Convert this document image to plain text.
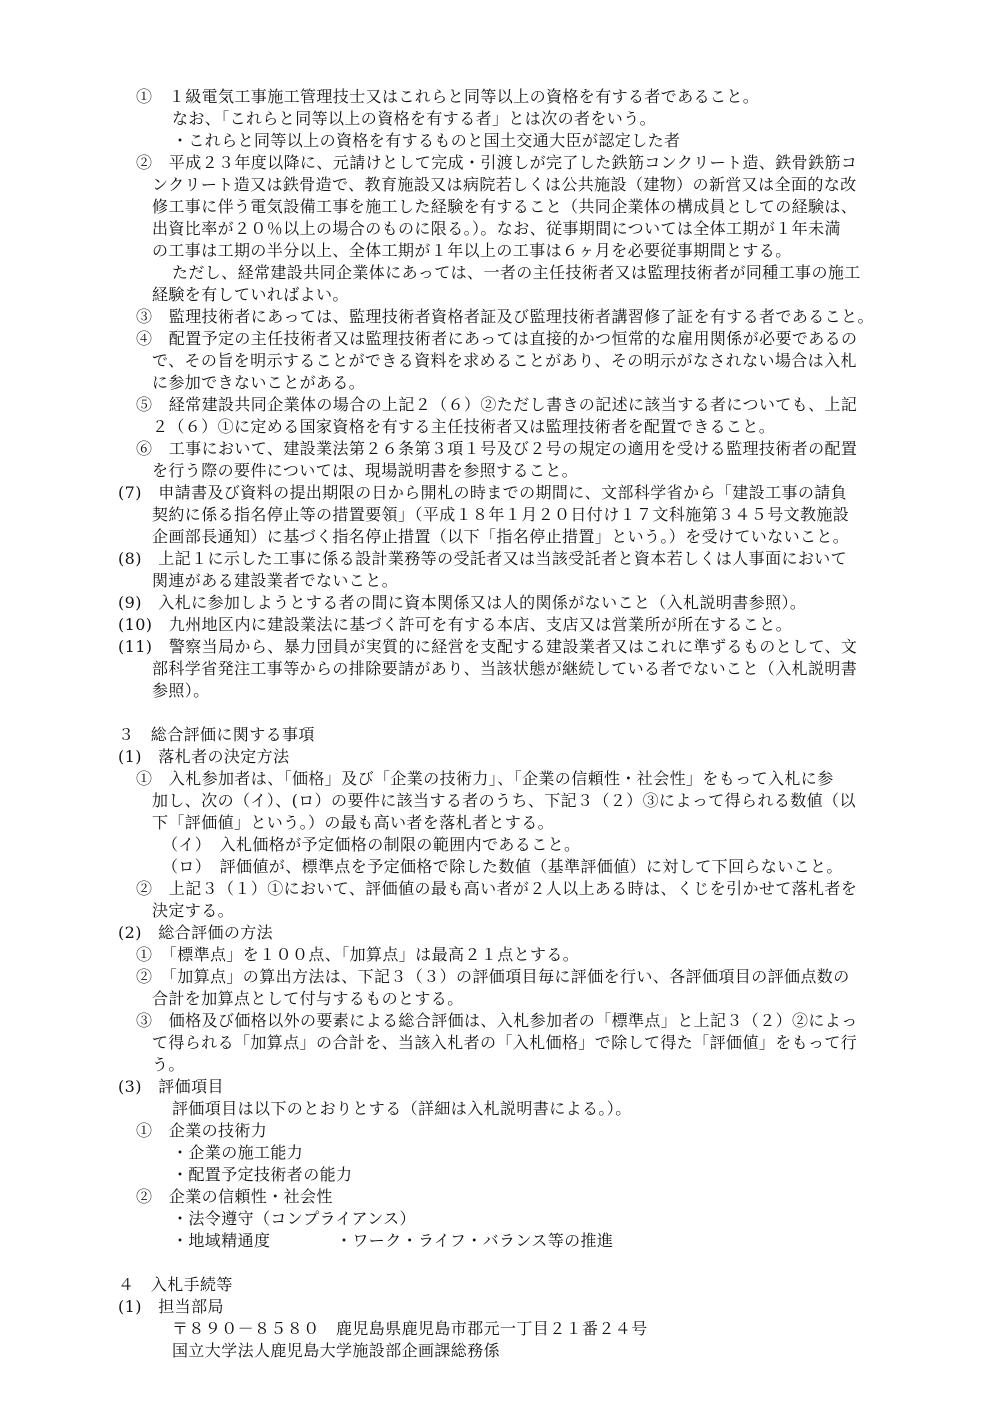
①　１級電気工事施工管理技士又はこれらと同等以上の資格を有する者であること。
なお、「これらと同等以上の資格を有する者」とは次の者をいう。
・これらと同等以上の資格を有するものと国土交通大臣が認定した者
②　平成２３年度以降に、元請けとして完成・引渡しが完了した鉄筋コンクリート造、鉄骨鉄筋コ
ンクリート造又は鉄骨造で、教育施設又は病院若しくは公共施設（建物）の新営又は全面的な改
修工事に伴う電気設備工事を施工した経験を有すること（共同企業体の構成員としての経験は、
出資比率が２０％以上の場合のものに限る。）。なお、従事期間については全体工期が１年未満
の工事は工期の半分以上、全体工期が１年以上の工事は６ヶ月を必要従事期間とする。
ただし、経常建設共同企業体にあっては、一者の主任技術者又は監理技術者が同種工事の施工
経験を有していればよい。
③　監理技術者にあっては、監理技術者資格者証及び監理技術者講習修了証を有する者であること。
④　配置予定の主任技術者又は監理技術者にあっては直接的かつ恒常的な雇用関係が必要であるの
で、その旨を明示することができる資料を求めることがあり、その明示がなされない場合は入札
に参加できないことがある。
⑤　経常建設共同企業体の場合の上記２（６）②ただし書きの記述に該当する者についても、上記
２（６）①に定める国家資格を有する主任技術者又は監理技術者を配置できること。
⑥　工事において、建設業法第２６条第３項１号及び２号の規定の適用を受ける監理技術者の配置
を行う際の要件については、現場説明書を参照すること。
(7)　申請書及び資料の提出期限の日から開札の時までの期間に、文部科学省から「建設工事の請負
契約に係る指名停止等の措置要領」（平成１８年１月２０日付け１７文科施第３４５号文教施設
企画部長通知）に基づく指名停止措置（以下「指名停止措置」という。）を受けていないこと。
(8)　上記１に示した工事に係る設計業務等の受託者又は当該受託者と資本若しくは人事面において
関連がある建設業者でないこと。
(9)　入札に参加しようとする者の間に資本関係又は人的関係がないこと（入札説明書参照）。
(10)　九州地区内に建設業法に基づく許可を有する本店、支店又は営業所が所在すること。
(11)　警察当局から、暴力団員が実質的に経営を支配する建設業者又はこれに準ずるものとして、文
部科学省発注工事等からの排除要請があり、当該状態が継続している者でないこと（入札説明書
参照）。
３　総合評価に関する事項
(1)　落札者の決定方法
①　入札参加者は、「価格」及び「企業の技術力」、「企業の信頼性・社会性」をもって入札に参
加し、次の（イ）、(ロ）の要件に該当する者のうち、下記３（２）③によって得られる数値（以
下「評価値」という。）の最も高い者を落札者とする。
（イ）　入札価格が予定価格の制限の範囲内であること。
（ロ）　評価値が、標準点を予定価格で除した数値（基準評価値）に対して下回らないこと。
②　上記３（１）①において、評価値の最も高い者が２人以上ある時は、くじを引かせて落札者を
決定する。
(2)　総合評価の方法
①　「標準点」を１００点、「加算点」は最高２１点とする。
②　「加算点」の算出方法は、下記３（３）の評価項目毎に評価を行い、各評価項目の評価点数の
合計を加算点として付与するものとする。
③　価格及び価格以外の要素による総合評価は、入札参加者の「標準点」と上記３（２）②によっ
て得られる「加算点」の合計を、当該入札者の「入札価格」で除して得た「評価値」をもって行
う。
(3)　評価項目
評価項目は以下のとおりとする（詳細は入札説明書による。）。
①　企業の技術力
・企業の施工能力
・配置予定技術者の能力
②　企業の信頼性・社会性
・法令遵守（コンプライアンス）
・地域精通度　　　　・ワーク・ライフ・バランス等の推進
４　入札手続等
(1)　担当部局
〒８９０－８５８０　鹿児島県鹿児島市郡元一丁目２１番２４号
国立大学法人鹿児島大学施設部企画課総務係
